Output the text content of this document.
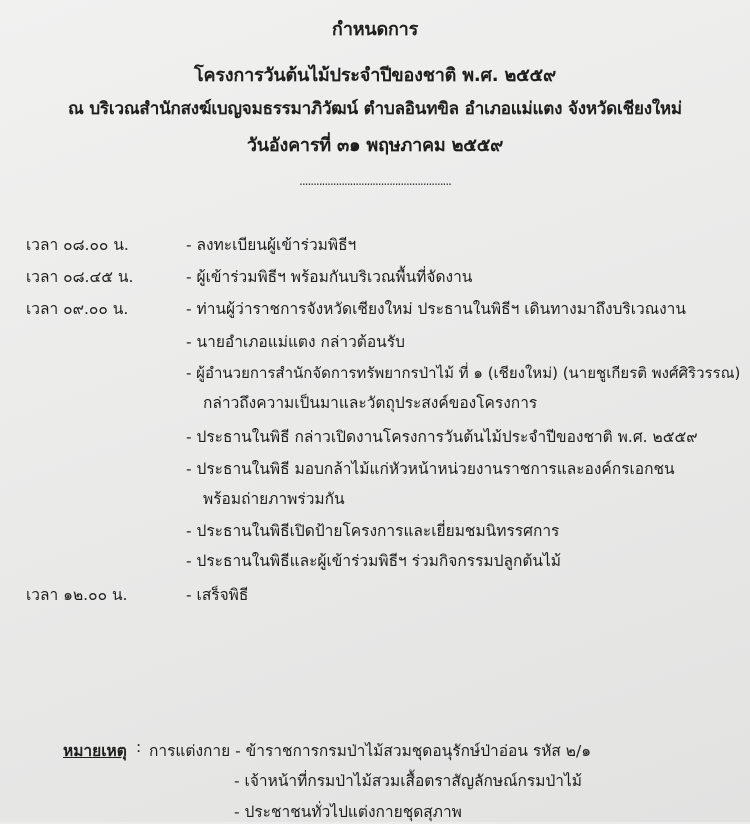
กำหนดการ
โครงการวันต้นไม้ประจำปีของชาติ พ.ศ. ๒๕๕๙
ณ บริเวณสำนักสงฆ์เบญจมธรรมาภิวัฒน์ ตำบลอินทขิล อำเภอแม่แตง จังหวัดเชียงใหม่
วันอังคารที่ ๓๑ พฤษภาคม ๒๕๕๙
......................................................
เวลา ๐๘.๐๐ น.	- ลงทะเบียนผู้เข้าร่วมพิธีฯ
เวลา ๐๘.๔๕ น.	- ผู้เข้าร่วมพิธีฯ พร้อมกันบริเวณพื้นที่จัดงาน
เวลา ๐๙.๐๐ น.	- ท่านผู้ว่าราชการจังหวัดเชียงใหม่ ประธานในพิธีฯ เดินทางมาถึงบริเวณงาน
- นายอำเภอแม่แตง กล่าวต้อนรับ
- ผู้อำนวยการสำนักจัดการทรัพยากรป่าไม้ ที่ ๑ (เชียงใหม่) (นายชูเกียรติ พงศ์ศิริวรรณ)
กล่าวถึงความเป็นมาและวัตถุประสงค์ของโครงการ
- ประธานในพิธี กล่าวเปิดงานโครงการวันต้นไม้ประจำปีของชาติ พ.ศ. ๒๕๕๙
- ประธานในพิธี มอบกล้าไม้แก่หัวหน้าหน่วยงานราชการและองค์กรเอกชน
พร้อมถ่ายภาพร่วมกัน
- ประธานในพิธีเปิดป้ายโครงการและเยี่ยมชมนิทรรศการ
- ประธานในพิธีและผู้เข้าร่วมพิธีฯ ร่วมกิจกรรมปลูกต้นไม้
เวลา ๑๒.๐๐ น.	- เสร็จพิธี
หมายเหตุ : การแต่งกาย - ข้าราชการกรมป่าไม้สวมชุดอนุรักษ์ป่าอ่อน รหัส ๒/๑
- เจ้าหน้าที่กรมป่าไม้สวมเสื้อตราสัญลักษณ์กรมป่าไม้
- ประชาชนทั่วไปแต่งกายชุดสุภาพ
